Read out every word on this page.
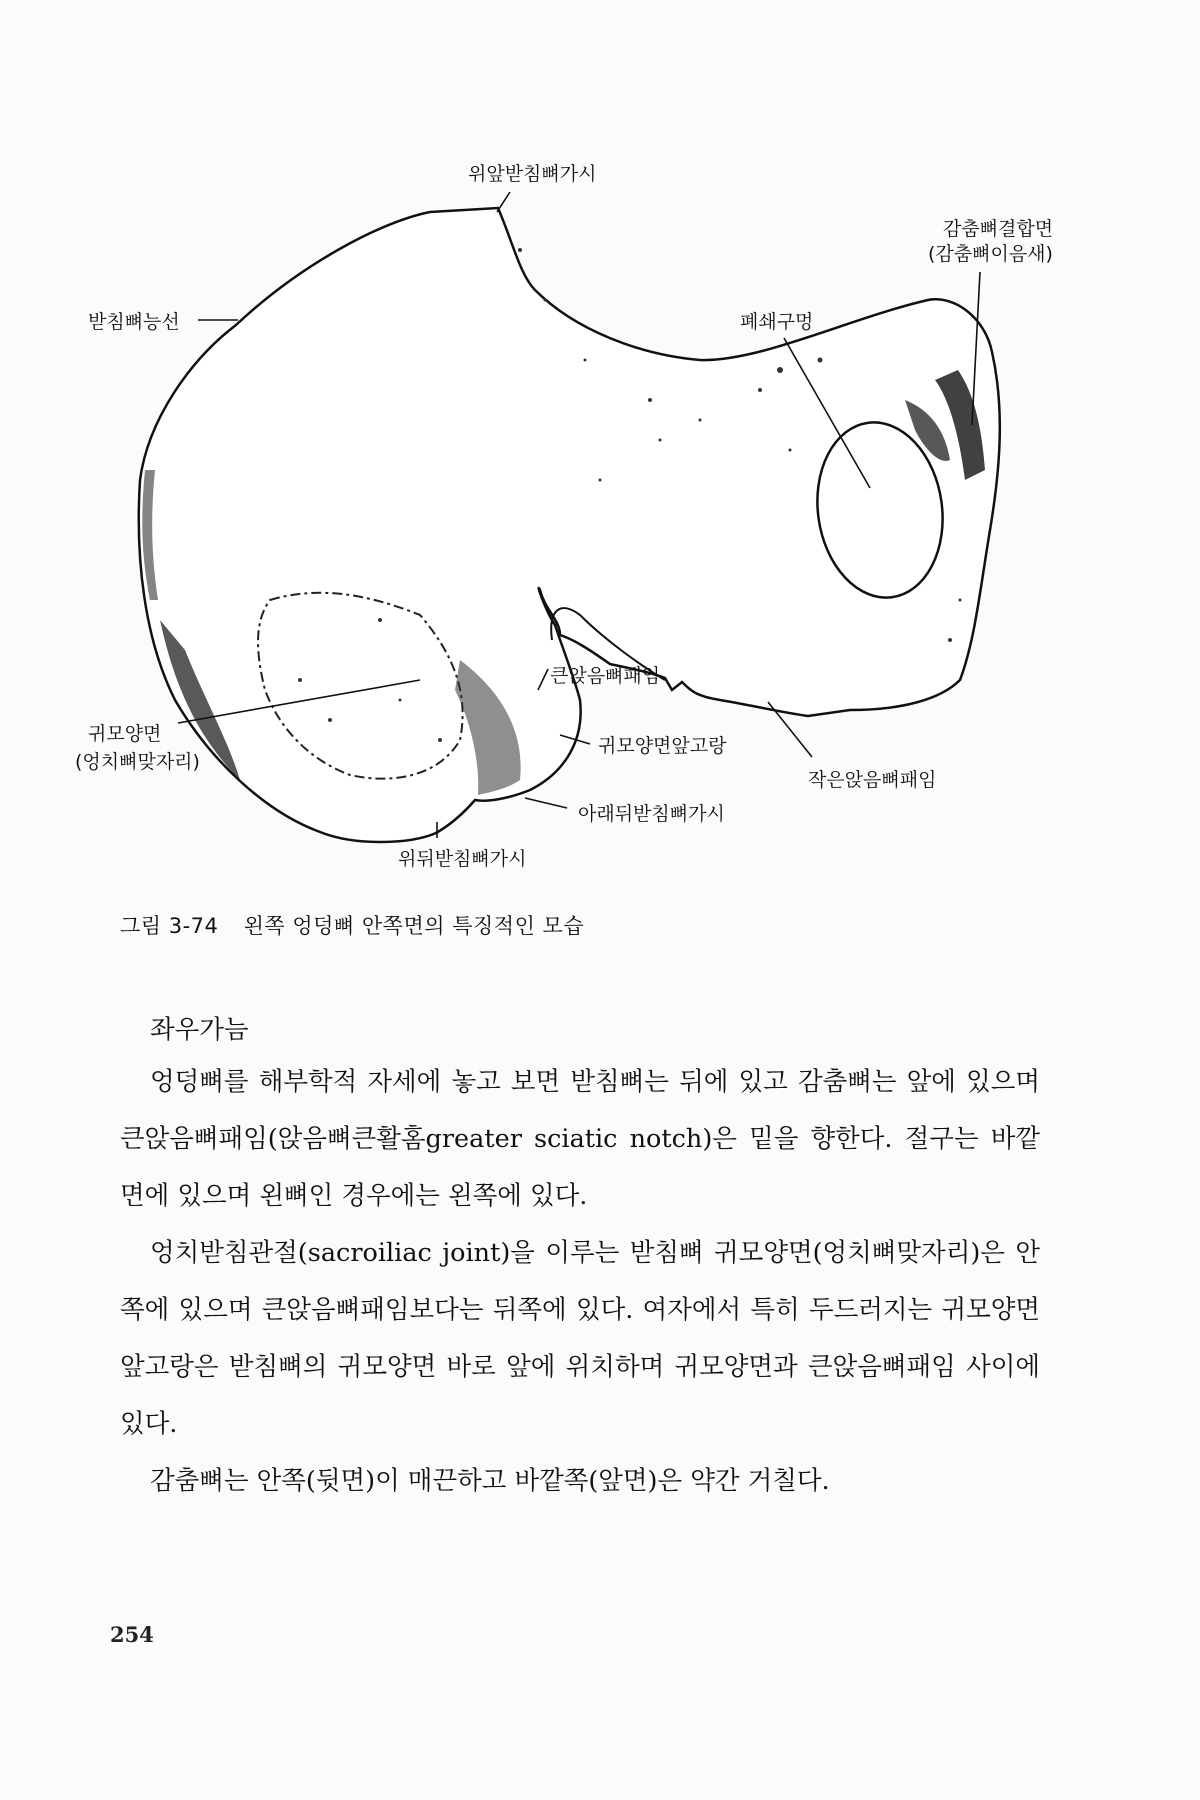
위앞받침뼈가시
감춤뼈결합면
(감춤뼈이음새)
받침뼈능선	폐쇄구멍
큰앉음뼈패임
귀모양면
(엉치뼈맞자리)
귀모양면앞고랑
작은앉음뼈패임
아래뒤받침뼈가시
위뒤받침뼈가시
그림 3-74 왼쪽 엉덩뼈 안쪽면의 특징적인 모습
좌우가늠

엉덩뼈를 해부학적 자세에 놓고 보면 받침뼈는 뒤에 있고 감춤뼈는 앞에 있으며 큰앉음뼈패임(앉음뼈큰활홈greater sciatic notch)은 밑을 향한다. 절구는 바깥면에 있으며 왼뼈인 경우에는 왼쪽에 있다.

엉치받침관절(sacroiliac joint)을 이루는 받침뼈 귀모양면(엉치뼈맞자리)은 안쪽에 있으며 큰앉음뼈패임보다는 뒤쪽에 있다. 여자에서 특히 두드러지는 귀모양면앞고랑은 받침뼈의 귀모양면 바로 앞에 위치하며 귀모양면과 큰앉음뼈패임 사이에 있다.

감춤뼈는 안쪽(뒷면)이 매끈하고 바깥쪽(앞면)은 약간 거칠다.

254
